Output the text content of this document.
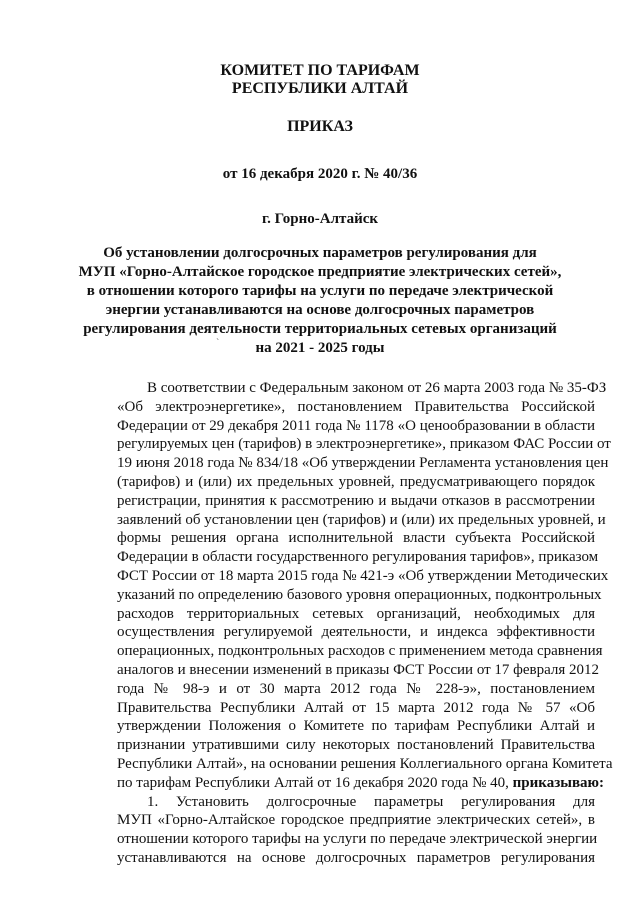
КОМИТЕТ ПО ТАРИФАМ
РЕСПУБЛИКИ АЛТАЙ
ПРИКАЗ
от 16 декабря 2020 г. № 40/36
г. Горно-Алтайск
Об установлении долгосрочных параметров регулирования для
МУП «Горно-Алтайское городское предприятие электрических сетей»,
в отношении которого тарифы на услуги по передаче электрической
энергии устанавливаются на основе долгосрочных параметров
регулирования деятельности территориальных сетевых организаций
на 2021 - 2025 годы
`
В соответствии с Федеральным законом от 26 марта 2003 года № 35-ФЗ
«Об электроэнергетике», постановлением Правительства Российской
Федерации от 29 декабря 2011 года № 1178 «О ценообразовании в области
регулируемых цен (тарифов) в электроэнергетике», приказом ФАС России от
19 июня 2018 года № 834/18 «Об утверждении Регламента установления цен
(тарифов) и (или) их предельных уровней, предусматривающего порядок
регистрации, принятия к рассмотрению и выдачи отказов в рассмотрении
заявлений об установлении цен (тарифов) и (или) их предельных уровней, и
формы решения органа исполнительной власти субъекта Российской
Федерации в области государственного регулирования тарифов», приказом
ФСТ России от 18 марта 2015 года № 421-э «Об утверждении Методических
указаний по определению базового уровня операционных, подконтрольных
расходов территориальных сетевых организаций, необходимых для
осуществления регулируемой деятельности, и индекса эффективности
операционных, подконтрольных расходов с применением метода сравнения
аналогов и внесении изменений в приказы ФСТ России от 17 февраля 2012
года № 98-э и от 30 марта 2012 года № 228-э», постановлением
Правительства Республики Алтай от 15 марта 2012 года № 57 «Об
утверждении Положения о Комитете по тарифам Республики Алтай и
признании утратившими силу некоторых постановлений Правительства
Республики Алтай», на основании решения Коллегиального органа Комитета
по тарифам Республики Алтай от 16 декабря 2020 года № 40, приказываю:
1. Установить долгосрочные параметры регулирования для
МУП «Горно-Алтайское городское предприятие электрических сетей», в
отношении которого тарифы на услуги по передаче электрической энергии
устанавливаются на основе долгосрочных параметров регулирования
